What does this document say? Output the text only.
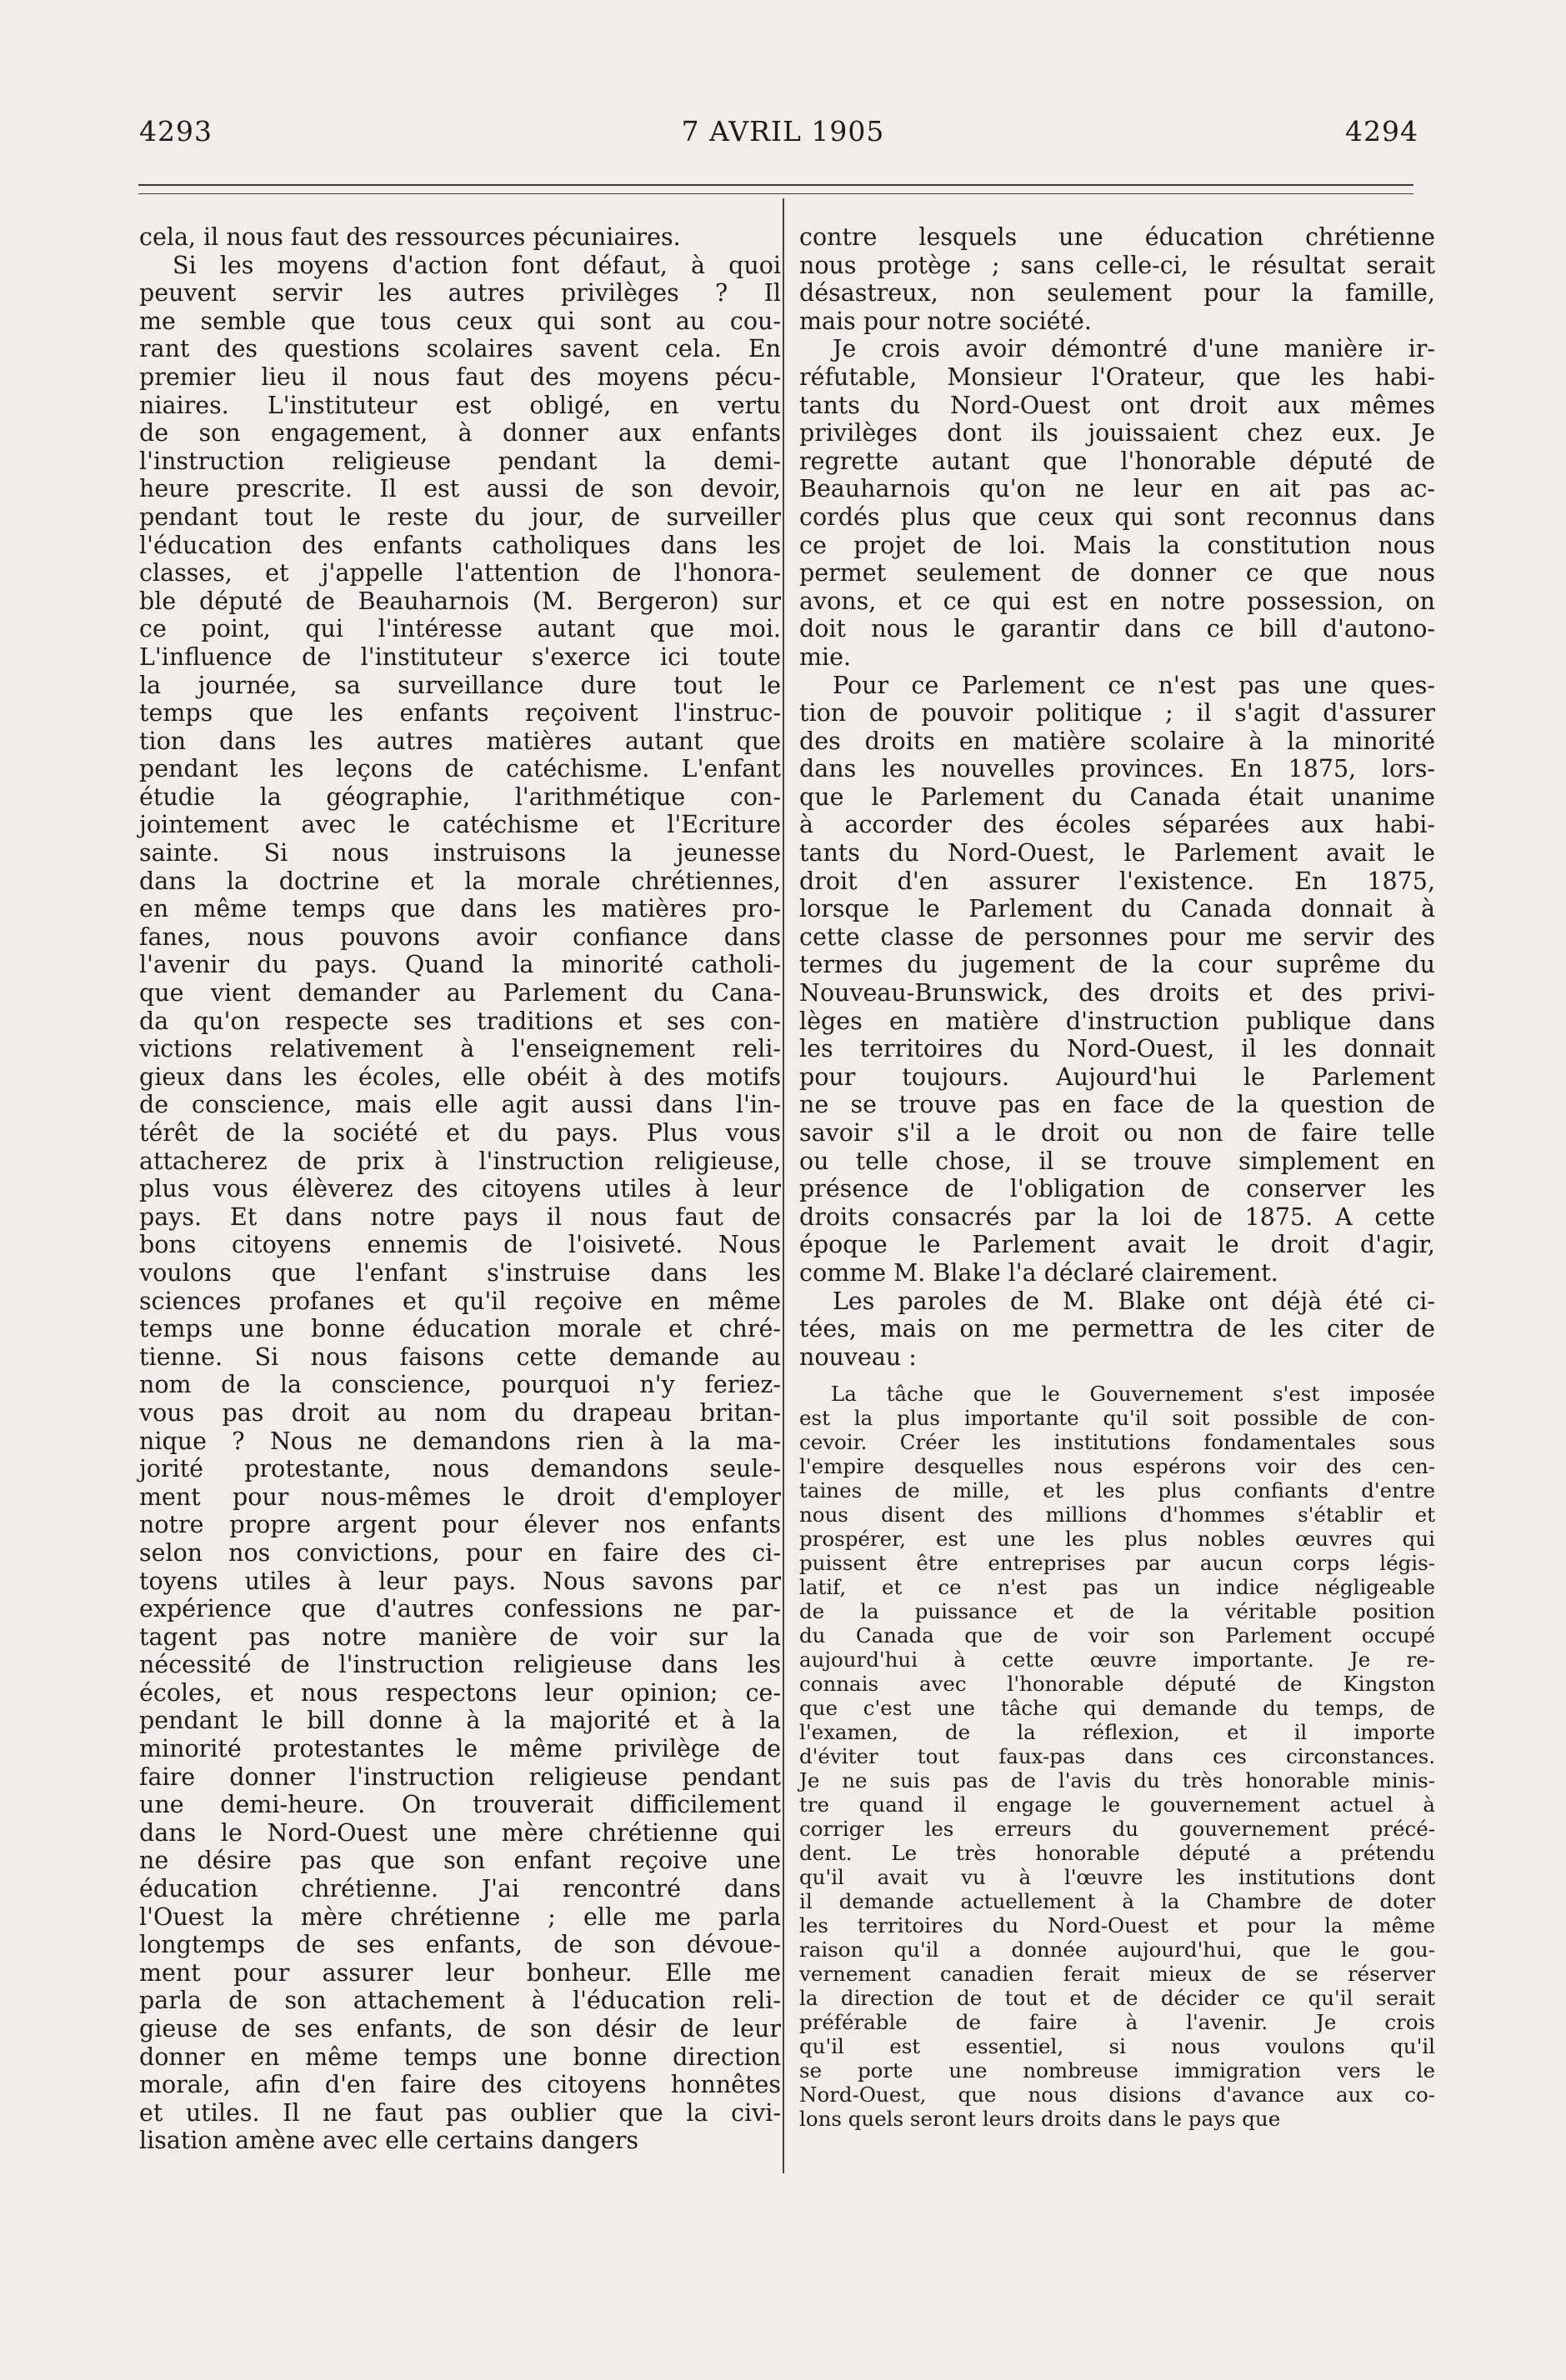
4293	7 AVRIL 1905	4294
cela, il nous faut des ressources pécuniaires.
Si les moyens d'action font défaut, à quoi
peuvent servir les autres privilèges ? Il
me semble que tous ceux qui sont au cou-
rant des questions scolaires savent cela. En
premier lieu il nous faut des moyens pécu-
niaires. L'instituteur est obligé, en vertu
de son engagement, à donner aux enfants
l'instruction religieuse pendant la demi-
heure prescrite. Il est aussi de son devoir,
pendant tout le reste du jour, de surveiller
l'éducation des enfants catholiques dans les
classes, et j'appelle l'attention de l'honora-
ble député de Beauharnois (M. Bergeron) sur
ce point, qui l'intéresse autant que moi.
L'influence de l'instituteur s'exerce ici toute
la journée, sa surveillance dure tout le
temps que les enfants reçoivent l'instruc-
tion dans les autres matières autant que
pendant les leçons de catéchisme. L'enfant
étudie la géographie, l'arithmétique con-
jointement avec le catéchisme et l'Ecriture
sainte. Si nous instruisons la jeunesse
dans la doctrine et la morale chrétiennes,
en même temps que dans les matières pro-
fanes, nous pouvons avoir confiance dans
l'avenir du pays. Quand la minorité catholi-
que vient demander au Parlement du Cana-
da qu'on respecte ses traditions et ses con-
victions relativement à l'enseignement reli-
gieux dans les écoles, elle obéit à des motifs
de conscience, mais elle agit aussi dans l'in-
térêt de la société et du pays. Plus vous
attacherez de prix à l'instruction religieuse,
plus vous élèverez des citoyens utiles à leur
pays. Et dans notre pays il nous faut de
bons citoyens ennemis de l'oisiveté. Nous
voulons que l'enfant s'instruise dans les
sciences profanes et qu'il reçoive en même
temps une bonne éducation morale et chré-
tienne. Si nous faisons cette demande au
nom de la conscience, pourquoi n'y feriez-
vous pas droit au nom du drapeau britan-
nique ? Nous ne demandons rien à la ma-
jorité protestante, nous demandons seule-
ment pour nous-mêmes le droit d'employer
notre propre argent pour élever nos enfants
selon nos convictions, pour en faire des ci-
toyens utiles à leur pays. Nous savons par
expérience que d'autres confessions ne par-
tagent pas notre manière de voir sur la
nécessité de l'instruction religieuse dans les
écoles, et nous respectons leur opinion; ce-
pendant le bill donne à la majorité et à la
minorité protestantes le même privilège de
faire donner l'instruction religieuse pendant
une demi-heure. On trouverait difficilement
dans le Nord-Ouest une mère chrétienne qui
ne désire pas que son enfant reçoive une
éducation chrétienne. J'ai rencontré dans
l'Ouest la mère chrétienne ; elle me parla
longtemps de ses enfants, de son dévoue-
ment pour assurer leur bonheur. Elle me
parla de son attachement à l'éducation reli-
gieuse de ses enfants, de son désir de leur
donner en même temps une bonne direction
morale, afin d'en faire des citoyens honnêtes
et utiles. Il ne faut pas oublier que la civi-
lisation amène avec elle certains dangers
contre lesquels une éducation chrétienne
nous protège ; sans celle-ci, le résultat serait
désastreux, non seulement pour la famille,
mais pour notre société.
Je crois avoir démontré d'une manière ir-
réfutable, Monsieur l'Orateur, que les habi-
tants du Nord-Ouest ont droit aux mêmes
privilèges dont ils jouissaient chez eux. Je
regrette autant que l'honorable député de
Beauharnois qu'on ne leur en ait pas ac-
cordés plus que ceux qui sont reconnus dans
ce projet de loi. Mais la constitution nous
permet seulement de donner ce que nous
avons, et ce qui est en notre possession, on
doit nous le garantir dans ce bill d'autono-
mie.
Pour ce Parlement ce n'est pas une ques-
tion de pouvoir politique ; il s'agit d'assurer
des droits en matière scolaire à la minorité
dans les nouvelles provinces. En 1875, lors-
que le Parlement du Canada était unanime
à accorder des écoles séparées aux habi-
tants du Nord-Ouest, le Parlement avait le
droit d'en assurer l'existence. En 1875,
lorsque le Parlement du Canada donnait à
cette classe de personnes pour me servir des
termes du jugement de la cour suprême du
Nouveau-Brunswick, des droits et des privi-
lèges en matière d'instruction publique dans
les territoires du Nord-Ouest, il les donnait
pour toujours. Aujourd'hui le Parlement
ne se trouve pas en face de la question de
savoir s'il a le droit ou non de faire telle
ou telle chose, il se trouve simplement en
présence de l'obligation de conserver les
droits consacrés par la loi de 1875. A cette
époque le Parlement avait le droit d'agir,
comme M. Blake l'a déclaré clairement.
Les paroles de M. Blake ont déjà été ci-
tées, mais on me permettra de les citer de
nouveau :
La tâche que le Gouvernement s'est imposée
est la plus importante qu'il soit possible de con-
cevoir. Créer les institutions fondamentales sous
l'empire desquelles nous espérons voir des cen-
taines de mille, et les plus confiants d'entre
nous disent des millions d'hommes s'établir et
prospérer, est une les plus nobles œuvres qui
puissent être entreprises par aucun corps légis-
latif, et ce n'est pas un indice négligeable
de la puissance et de la véritable position
du Canada que de voir son Parlement occupé
aujourd'hui à cette œuvre importante. Je re-
connais avec l'honorable député de Kingston
que c'est une tâche qui demande du temps, de
l'examen, de la réflexion, et il importe
d'éviter tout faux-pas dans ces circonstances.
Je ne suis pas de l'avis du très honorable minis-
tre quand il engage le gouvernement actuel à
corriger les erreurs du gouvernement précé-
dent. Le très honorable député a prétendu
qu'il avait vu à l'œuvre les institutions dont
il demande actuellement à la Chambre de doter
les territoires du Nord-Ouest et pour la même
raison qu'il a donnée aujourd'hui, que le gou-
vernement canadien ferait mieux de se réserver
la direction de tout et de décider ce qu'il serait
préférable de faire à l'avenir. Je crois
qu'il est essentiel, si nous voulons qu'il
se porte une nombreuse immigration vers le
Nord-Ouest, que nous disions d'avance aux co-
lons quels seront leurs droits dans le pays que
